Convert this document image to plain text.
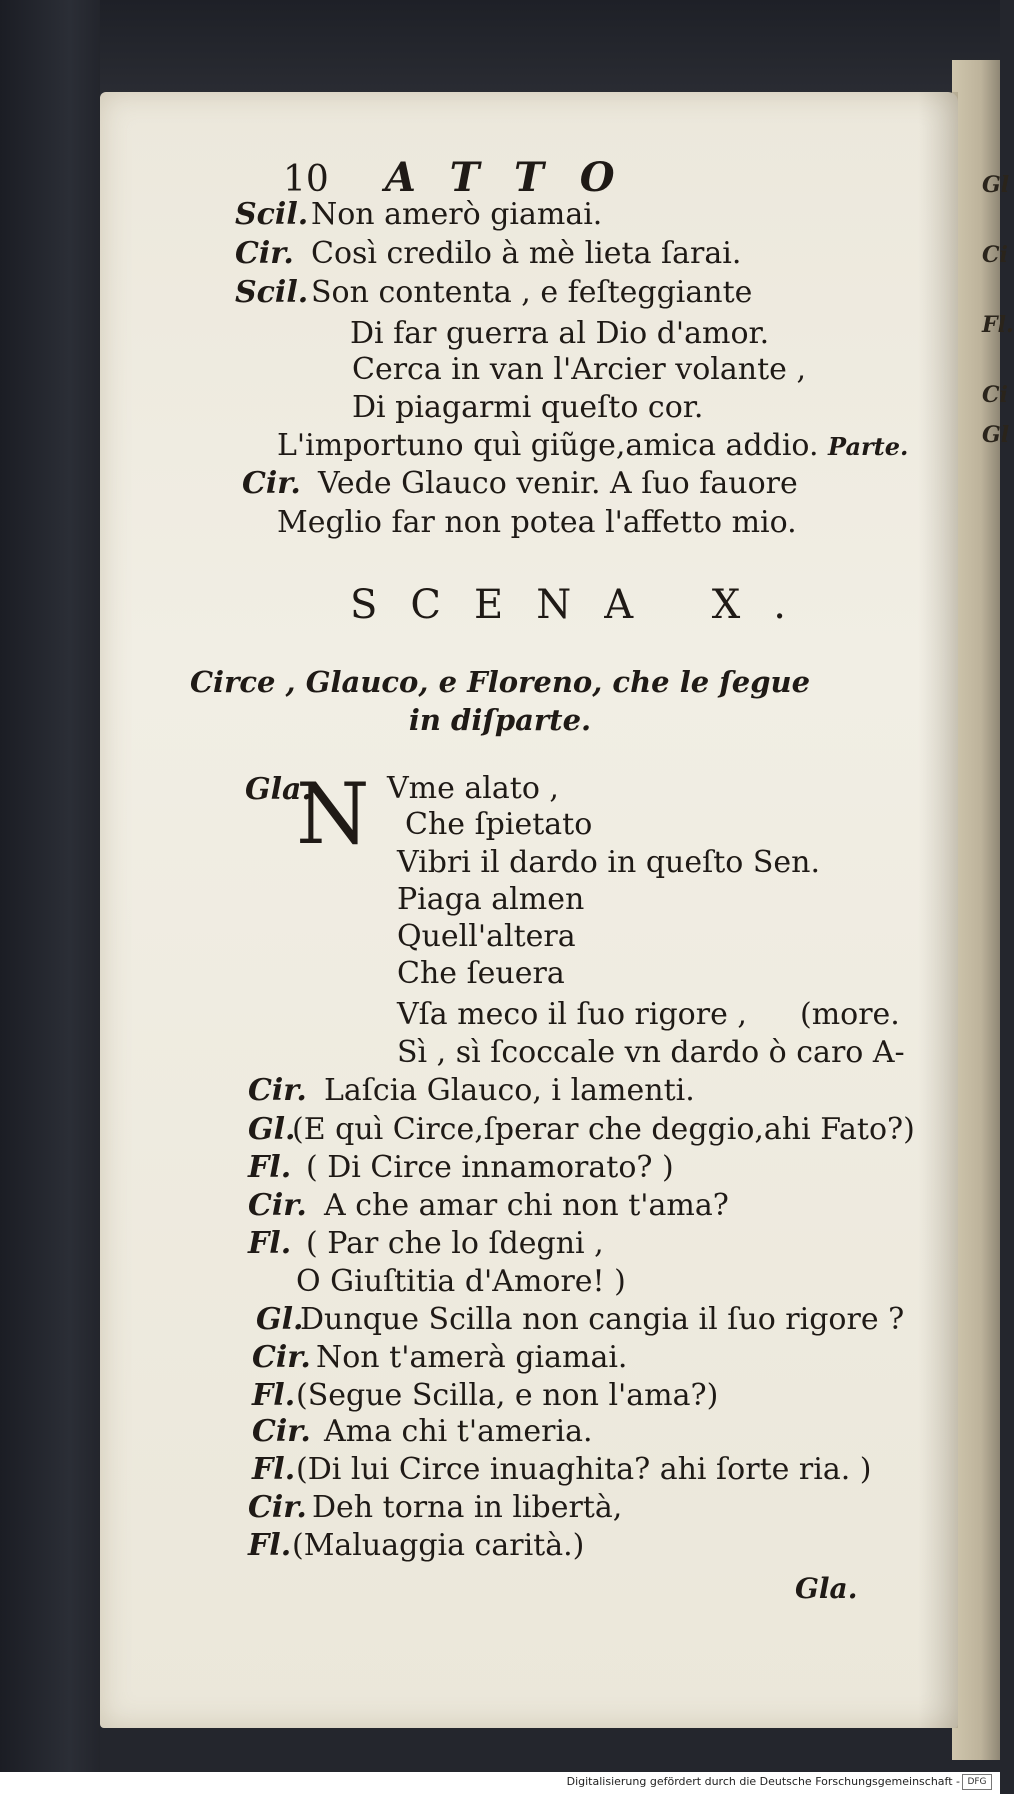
Gl
Ci
Fl.
Ci
Gl
10 ATTO
Scil.Non amerò giamai.
Cir. Così credilo à mè lieta ſarai.
Scil.Son contenta , e feſteggiante
Di far guerra al Dio d'amor.
Cerca in van l'Arcier volante ,
Di piagarmi queſto cor.
L'importuno quì giũge,amica addio. Parte.
Cir. Vede Glauco venir. A ſuo fauore
Meglio far non potea l'affetto mio.
SCENA X.
Circe , Glauco, e Floreno, che le ſegue
in diſparte.
Gla.
N Vme alato ,
Che ſpietato
Vibri il dardo in queſto Sen.
Piaga almen
Quell'altera
Che ſeuera
Vſa meco il ſuo rigore , (more.
Sì , sì ſcoccale vn dardo ò caro A-
Cir. Laſcia Glauco, i lamenti.
Gl.(E quì Circe,ſperar che deggio,ahi Fato?)
Fl. ( Di Circe innamorato? )
Cir. A che amar chi non t'ama?
Fl. ( Par che lo ſdegni ,
O Giuſtitia d'Amore! )
Gl.Dunque Scilla non cangia il ſuo rigore ?
Cir. Non t'amerà giamai.
Fl.(Segue Scilla, e non l'ama?)
Cir. Ama chi t'ameria.
Fl.(Di lui Circe inuaghita? ahi ſorte ria. )
Cir. Deh torna in libertà,
Fl.(Maluaggia carità.)
Gla.
Digitalisierung gefördert durch die Deutsche Forschungsgemeinschaft - DFG
